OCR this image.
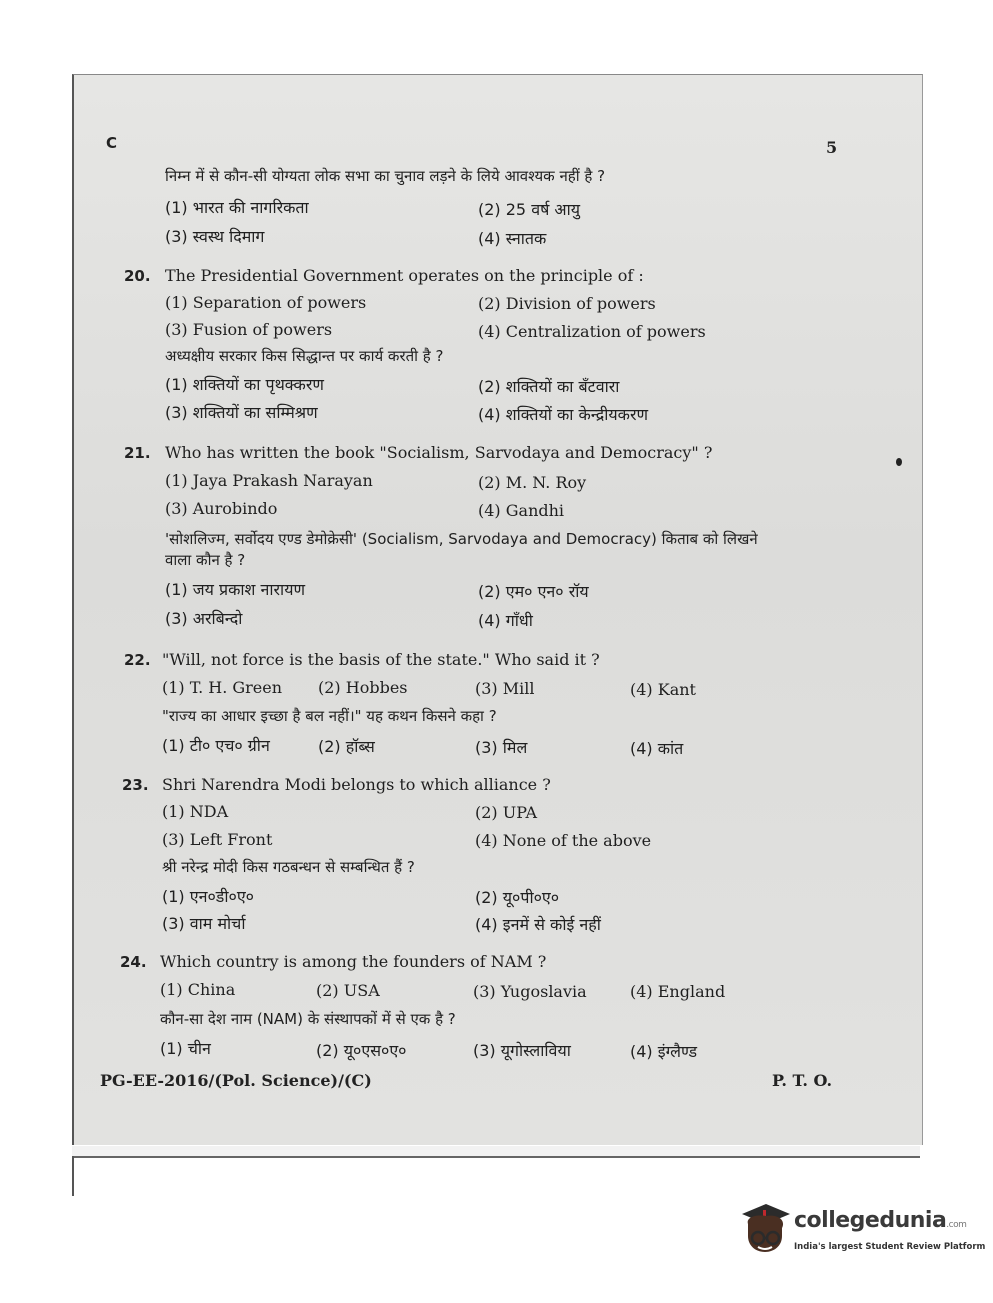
C	5
निम्न में से कौन-सी योग्यता लोक सभा का चुनाव लड़ने के लिये आवश्यक नहीं है ?
(1) भारत की नागरिकता	(2) 25 वर्ष आयु
(3) स्वस्थ दिमाग	(4) स्नातक
20. The Presidential Government operates on the principle of :
(1) Separation of powers	(2) Division of powers
(3) Fusion of powers	(4) Centralization of powers
अध्यक्षीय सरकार किस सिद्धान्त पर कार्य करती है ?
(1) शक्तियों का पृथक्करण	(2) शक्तियों का बँटवारा
(3) शक्तियों का सम्मिश्रण	(4) शक्तियों का केन्द्रीयकरण
21. Who has written the book "Socialism, Sarvodaya and Democracy" ?
(1) Jaya Prakash Narayan	(2) M. N. Roy
(3) Aurobindo	(4) Gandhi
'सोशलिज्म, सर्वोदय एण्ड डेमोक्रेसी' (Socialism, Sarvodaya and Democracy) किताब को लिखने
वाला कौन है ?
(1) जय प्रकाश नारायण	(2) एम० एन० रॉय
(3) अरबिन्दो	(4) गाँधी
22. "Will, not force is the basis of the state." Who said it ?
(1) T. H. Green (2) Hobbes	(3) Mill	(4) Kant
"राज्य का आधार इच्छा है बल नहीं।" यह कथन किसने कहा ?
(1) टी० एच० ग्रीन	(2) हॉब्स	(3) मिल	(4) कांत
23. Shri Narendra Modi belongs to which alliance ?
(1) NDA	(2) UPA
(3) Left Front	(4) None of the above
श्री नरेन्द्र मोदी किस गठबन्धन से सम्बन्धित हैं ?
(1) एन०डी०ए०	(2) यू०पी०ए०
(3) वाम मोर्चा	(4) इनमें से कोई नहीं
24. Which country is among the founders of NAM ?
(1) China	(2) USA	(3) Yugoslavia	(4) England
कौन-सा देश नाम (NAM) के संस्थापकों में से एक है ?
(1) चीन	(2) यू०एस०ए०	(3) यूगोस्लाविया	(4) इंग्लैण्ड
PG-EE-2016/(Pol. Science)/(C)	P. T. O.
collegedunia.com
India's largest Student Review Platform
